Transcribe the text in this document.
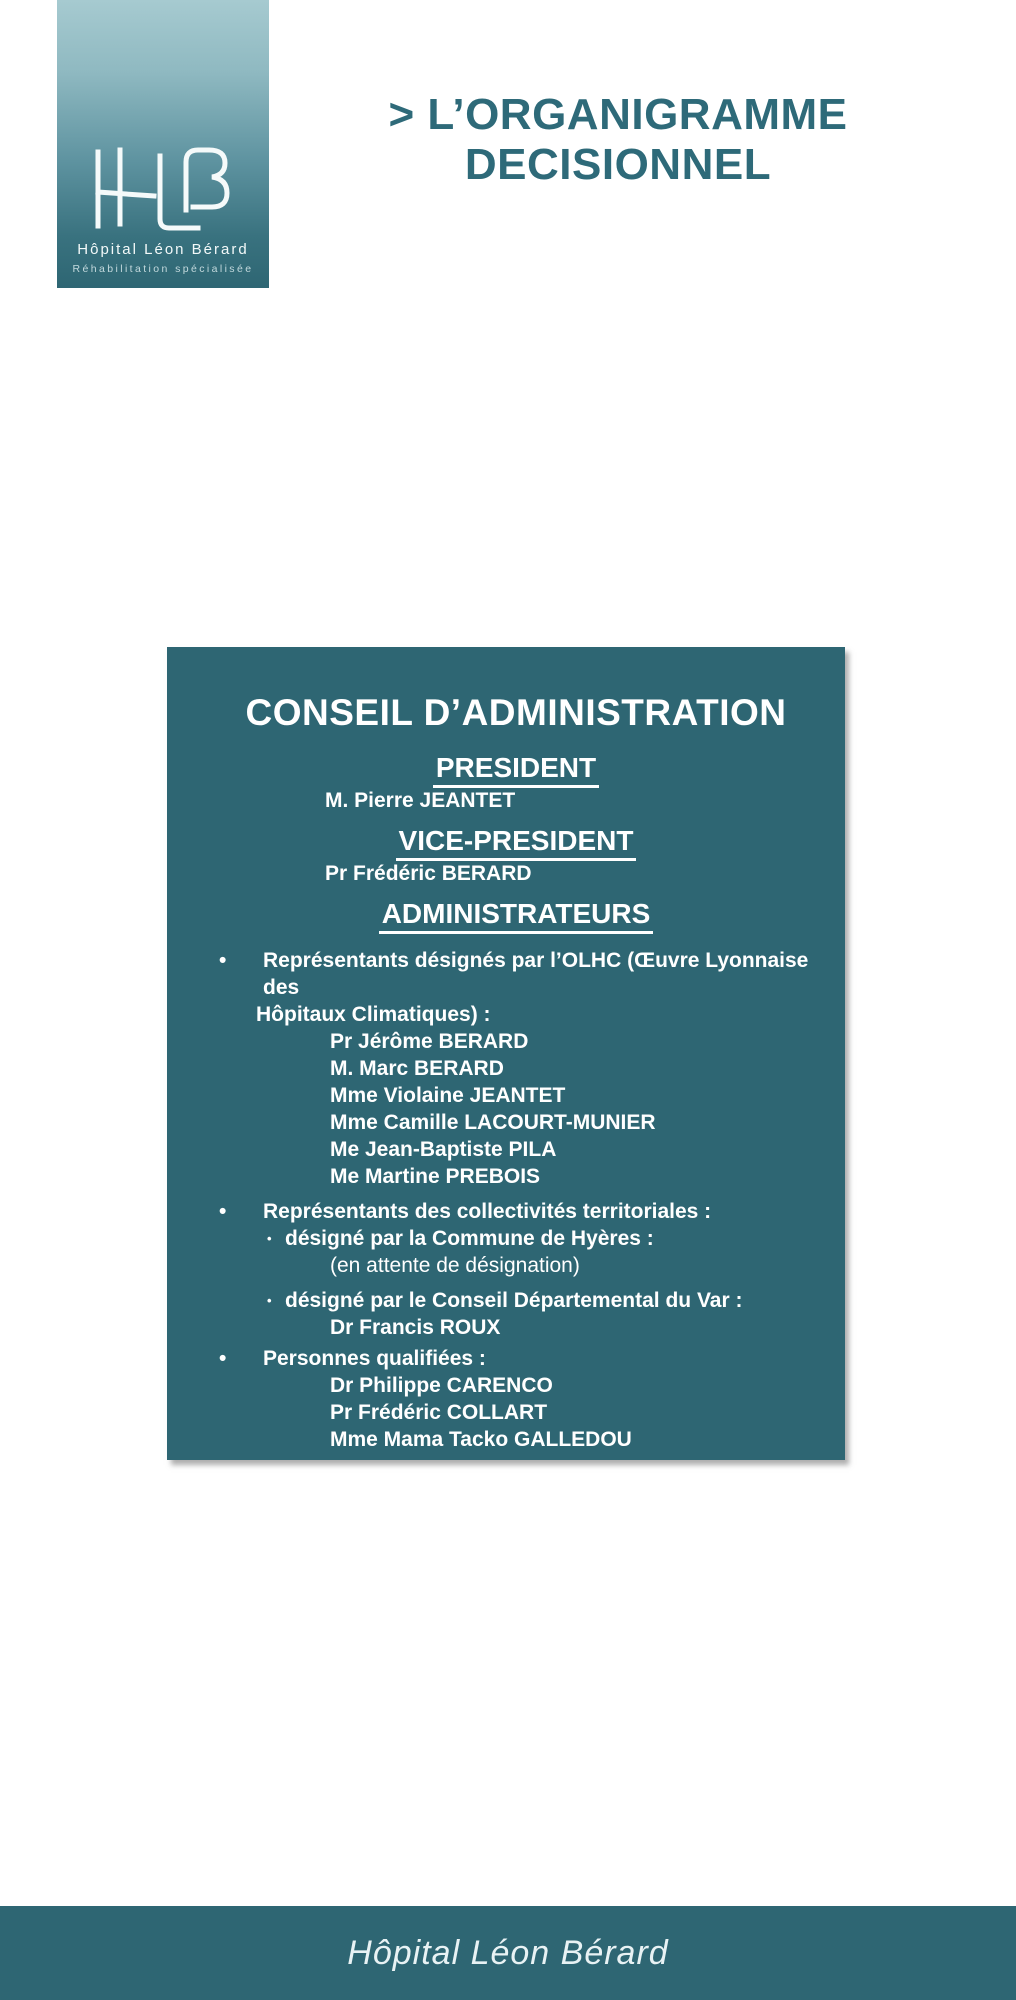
Hôpital Léon Bérard
Réhabilitation spécialisée
> L’ORGANIGRAMME
DECISIONNEL
CONSEIL D’ADMINISTRATION
PRESIDENT
M. Pierre JEANTET
VICE-PRESIDENT
Pr Frédéric BERARD
ADMINISTRATEURS
• Représentants désignés par l’OLHC (Œuvre Lyonnaise des
Hôpitaux Climatiques) :
Pr Jérôme BERARD
M. Marc BERARD
Mme Violaine JEANTET
Mme Camille LACOURT-MUNIER
Me Jean-Baptiste PILA
Me Martine PREBOIS
• Représentants des collectivités territoriales :
• désigné par la Commune de Hyères :
(en attente de désignation)
• désigné par le Conseil Départemental du Var :
Dr Francis ROUX
• Personnes qualifiées :
Dr Philippe CARENCO
Pr Frédéric COLLART
Mme Mama Tacko GALLEDOU
Hôpital Léon Bérard
